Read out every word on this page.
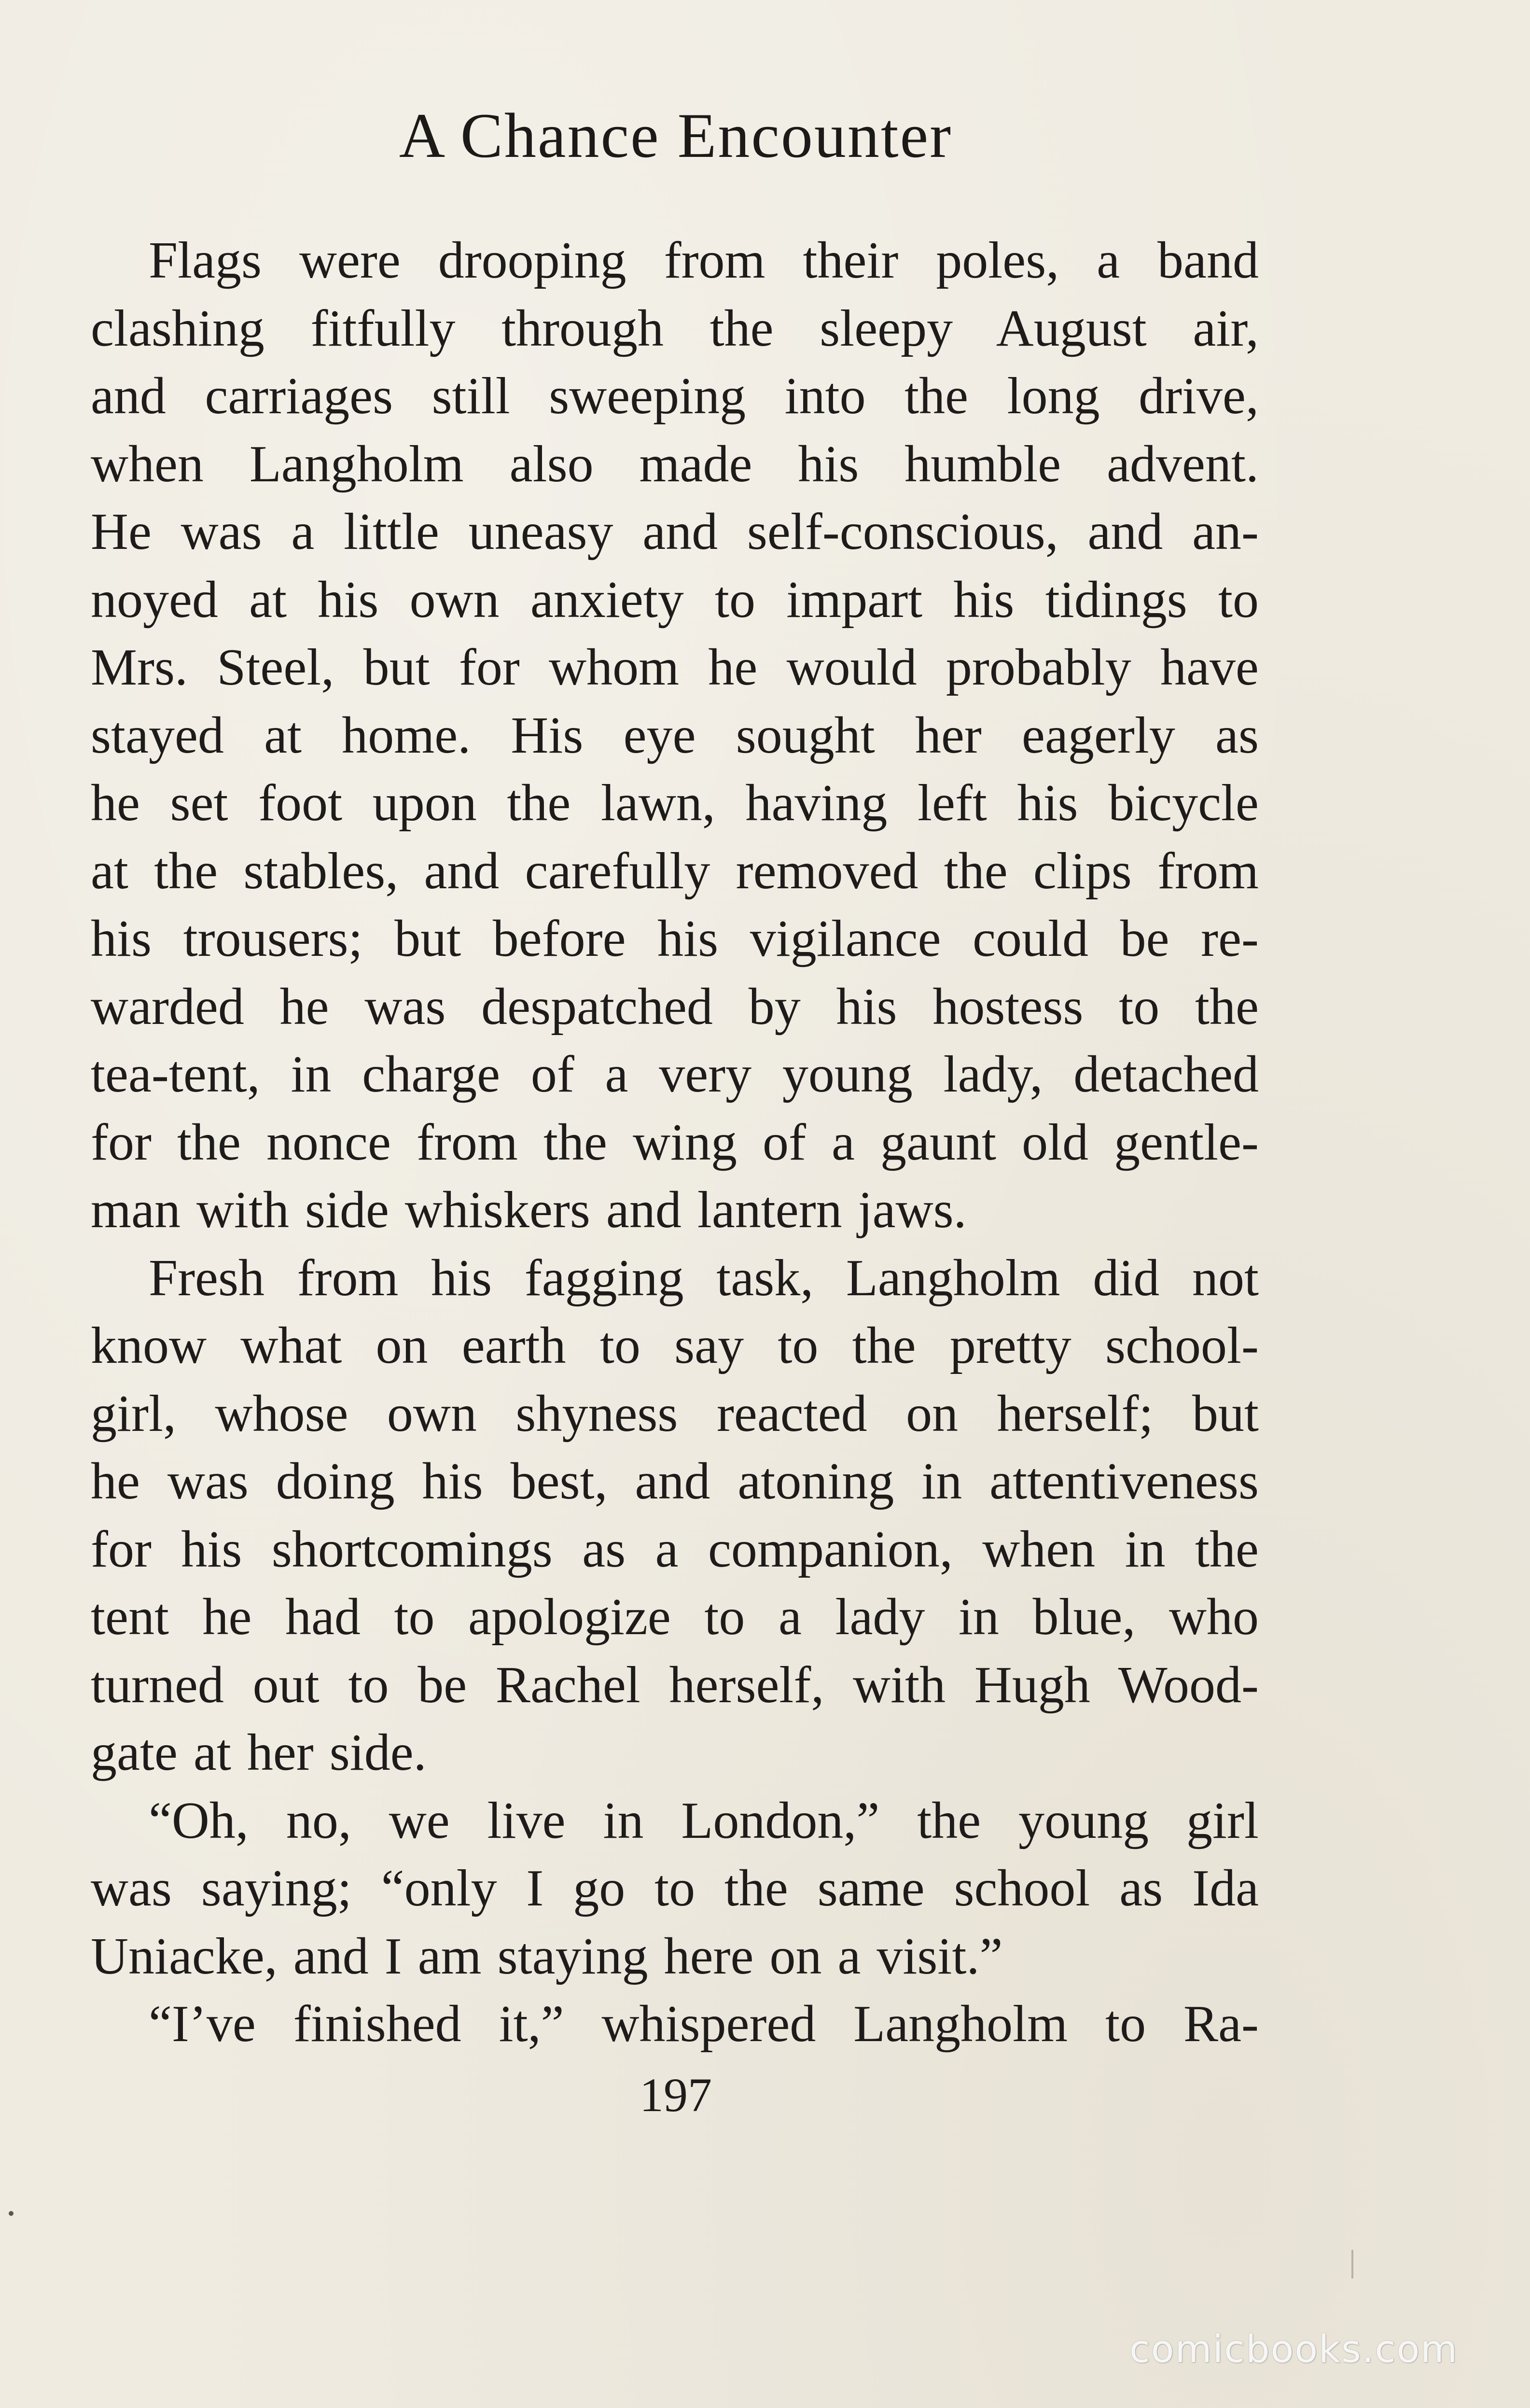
A Chance Encounter
Flags were drooping from their poles, a band
clashing fitfully through the sleepy August air,
and carriages still sweeping into the long drive,
when Langholm also made his humble advent.
He was a little uneasy and self-conscious, and an-
noyed at his own anxiety to impart his tidings to
Mrs. Steel, but for whom he would probably have
stayed at home. His eye sought her eagerly as
he set foot upon the lawn, having left his bicycle
at the stables, and carefully removed the clips from
his trousers; but before his vigilance could be re-
warded he was despatched by his hostess to the
tea-tent, in charge of a very young lady, detached
for the nonce from the wing of a gaunt old gentle-
man with side whiskers and lantern jaws.
Fresh from his fagging task, Langholm did not
know what on earth to say to the pretty school-
girl, whose own shyness reacted on herself; but
he was doing his best, and atoning in attentiveness
for his shortcomings as a companion, when in the
tent he had to apologize to a lady in blue, who
turned out to be Rachel herself, with Hugh Wood-
gate at her side.
“Oh, no, we live in London,” the young girl
was saying; “only I go to the same school as Ida
Uniacke, and I am staying here on a visit.”
“I’ve finished it,” whispered Langholm to Ra-
197
comicbooks.com
